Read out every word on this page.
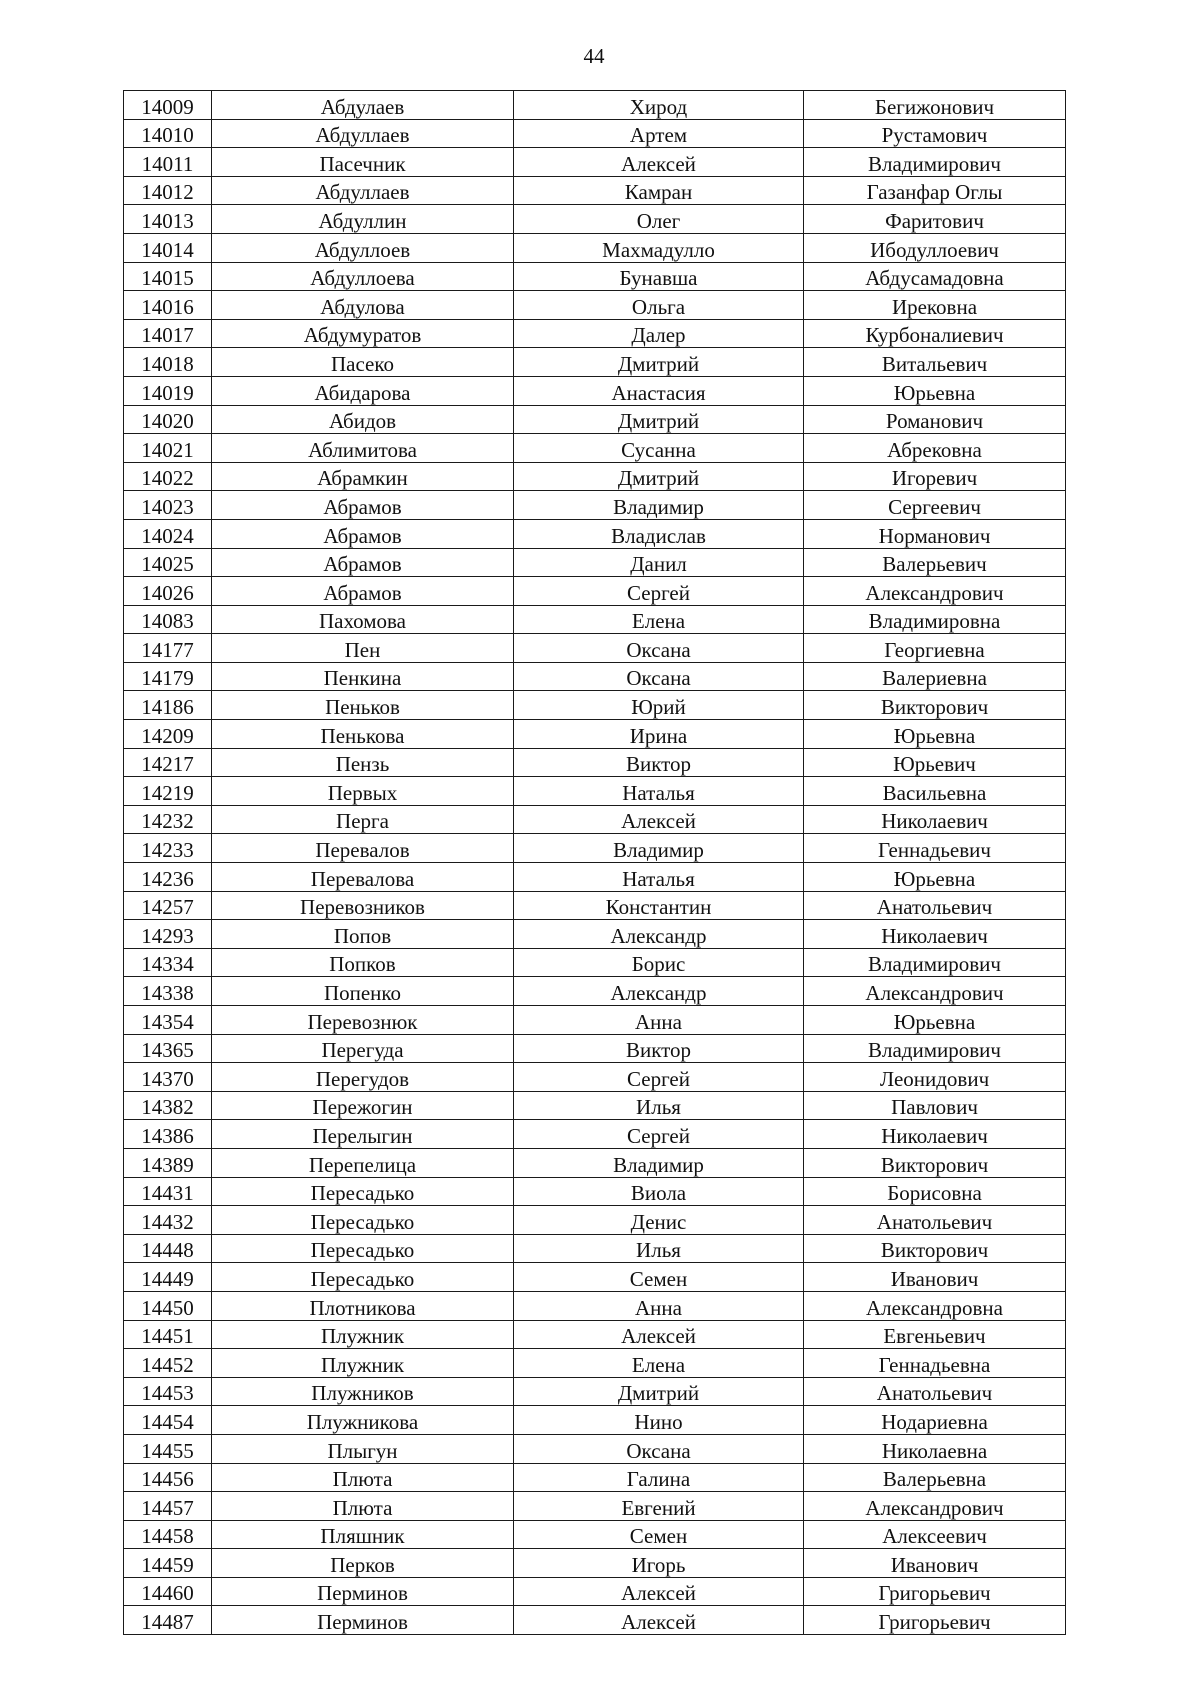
44
14009	Абдулаев	Хирод	Бегижонович
14010	Абдуллаев	Артем	Рустамович
14011	Пасечник	Алексей	Владимирович
14012	Абдуллаев	Камран	Газанфар Оглы
14013	Абдуллин	Олег	Фаритович
14014	Абдуллоев	Махмадулло	Ибодуллоевич
14015	Абдуллоева	Бунавша	Абдусамадовна
14016	Абдулова	Ольга	Ирековна
14017	Абдумуратов	Далер	Курбоналиевич
14018	Пасеко	Дмитрий	Витальевич
14019	Абидарова	Анастасия	Юрьевна
14020	Абидов	Дмитрий	Романович
14021	Аблимитова	Сусанна	Абрековна
14022	Абрамкин	Дмитрий	Игоревич
14023	Абрамов	Владимир	Сергеевич
14024	Абрамов	Владислав	Норманович
14025	Абрамов	Данил	Валерьевич
14026	Абрамов	Сергей	Александрович
14083	Пахомова	Елена	Владимировна
14177	Пен	Оксана	Георгиевна
14179	Пенкина	Оксана	Валериевна
14186	Пеньков	Юрий	Викторович
14209	Пенькова	Ирина	Юрьевна
14217	Пензь	Виктор	Юрьевич
14219	Первых	Наталья	Васильевна
14232	Перга	Алексей	Николаевич
14233	Перевалов	Владимир	Геннадьевич
14236	Перевалова	Наталья	Юрьевна
14257	Перевозников	Константин	Анатольевич
14293	Попов	Александр	Николаевич
14334	Попков	Борис	Владимирович
14338	Попенко	Александр	Александрович
14354	Перевознюк	Анна	Юрьевна
14365	Перегуда	Виктор	Владимирович
14370	Перегудов	Сергей	Леонидович
14382	Пережогин	Илья	Павлович
14386	Перелыгин	Сергей	Николаевич
14389	Перепелица	Владимир	Викторович
14431	Пересадько	Виола	Борисовна
14432	Пересадько	Денис	Анатольевич
14448	Пересадько	Илья	Викторович
14449	Пересадько	Семен	Иванович
14450	Плотникова	Анна	Александровна
14451	Плужник	Алексей	Евгеньевич
14452	Плужник	Елена	Геннадьевна
14453	Плужников	Дмитрий	Анатольевич
14454	Плужникова	Нино	Нодариевна
14455	Плыгун	Оксана	Николаевна
14456	Плюта	Галина	Валерьевна
14457	Плюта	Евгений	Александрович
14458	Пляшник	Семен	Алексеевич
14459	Перков	Игорь	Иванович
14460	Перминов	Алексей	Григорьевич
14487	Перминов	Алексей	Григорьевич
